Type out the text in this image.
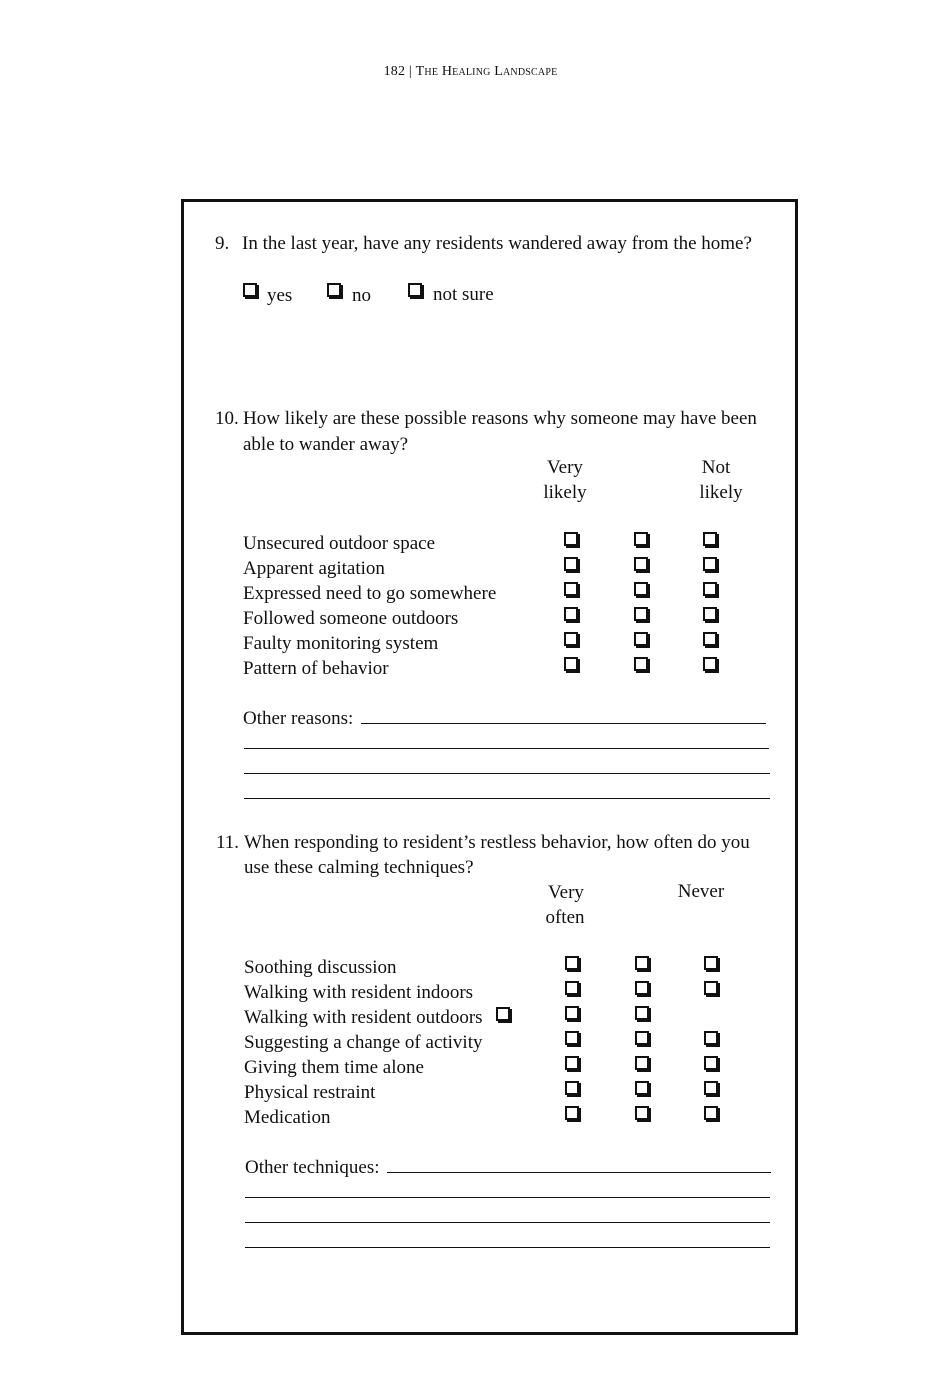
182 | The Healing Landscape
9. In the last year, have any residents wandered away from the home?
yes	no	not sure
10. How likely are these possible reasons why someone may have been
able to wander away?
Very
likely
Not
likely
Unsecured outdoor space
Apparent agitation
Expressed need to go somewhere
Followed someone outdoors
Faulty monitoring system
Pattern of behavior
Other reasons:
11. When responding to resident’s restless behavior, how often do you
use these calming techniques?
Very
often
Never
Soothing discussion
Walking with resident indoors
Walking with resident outdoors
Suggesting a change of activity
Giving them time alone
Physical restraint
Medication
Other techniques:
